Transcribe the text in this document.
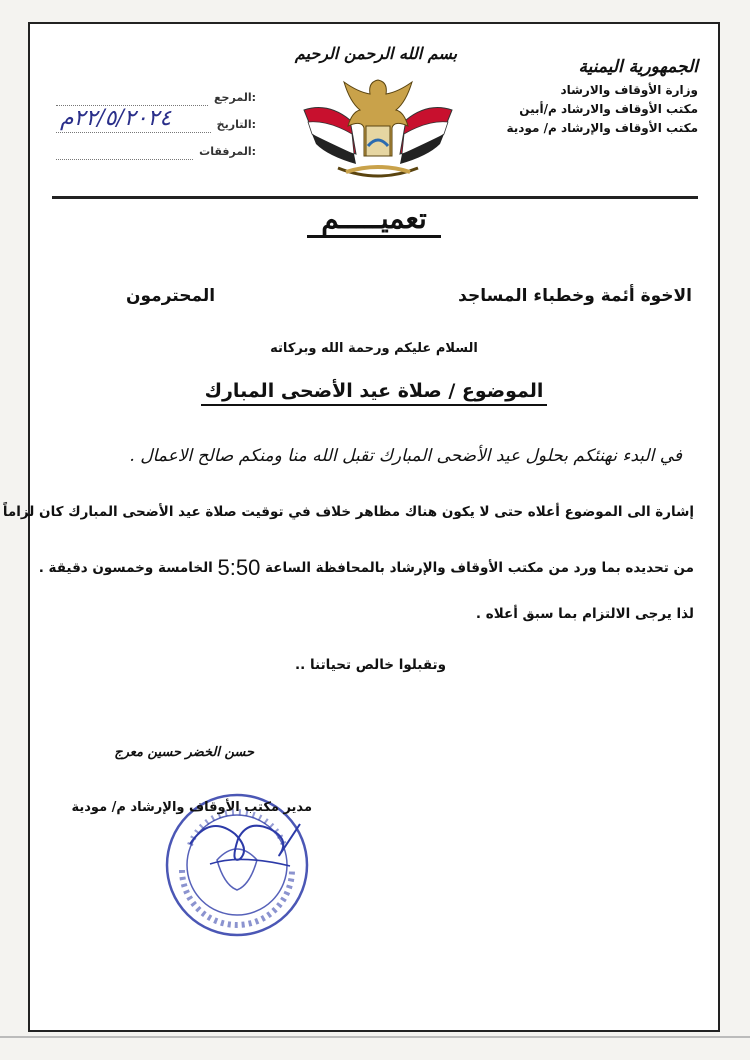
بسم الله الرحمن الرحيم
الجمهورية اليمنية
وزارة الأوقاف والارشاد
مكتب الأوقاف والارشاد م/أبين
مكتب الأوقاف والإرشاد م/ مودية
المرجع:
التاريخ:
٢٢/٥/٢٠٢٤م
المرفقات:
تعميـــــم
الاخوة أئمة وخطباء المساجد
المحترمون
السلام عليكم ورحمة الله وبركاته
الموضوع / صلاة عيد الأضحى المبارك
في البدء نهنئكم بحلول عيد الأضحى المبارك تقبل الله منا ومنكم صالح الاعمال .
إشارة الى الموضوع أعلاه حتى لا يكون هناك مظاهر خلاف في توقيت صلاة عيد الأضحى المبارك كان لزاماً
من تحديده بما ورد من مكتب الأوقاف والإرشاد بالمحافظة الساعة 5:50 الخامسة وخمسون دقيقة .
لذا يرجى الالتزام بما سبق أعلاه .
وتقبلوا خالص تحياتنا ..
حسن الخضر حسين معرج
مدير مكتب الأوقاف والإرشاد م/ مودية
